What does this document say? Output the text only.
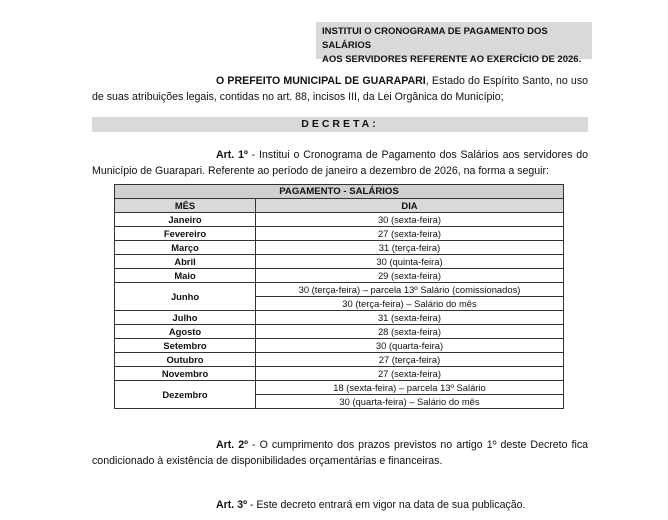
INSTITUI O CRONOGRAMA DE PAGAMENTO DOS SALÁRIOS
AOS SERVIDORES REFERENTE AO EXERCÍCIO DE 2026.
O PREFEITO MUNICIPAL DE GUARAPARI, Estado do Espírito Santo, no uso de suas atribuições legais, contidas no art. 88, incisos III, da Lei Orgânica do Município;
DECRETA:
Art. 1º - Institui o Cronograma de Pagamento dos Salários aos servidores do Município de Guarapari. Referente ao período de janeiro a dezembro de 2026, na forma a seguir:
PAGAMENTO - SALÁRIOS	
MÊS	DIA
Janeiro	30 (sexta-feira)
Fevereiro	27 (sexta-feira)
Março	31 (terça-feira)
Abril	30 (quinta-feira)
Maio	29 (sexta-feira)
Junho	30 (terça-feira) – parcela 13º Salário (comissionados)
	30 (terça-feira) – Salário do mês
Julho	31 (sexta-feira)
Agosto	28 (sexta-feira)
Setembro	30 (quarta-feira)
Outubro	27 (terça-feira)
Novembro	27 (sexta-feira)
Dezembro	18 (sexta-feira) – parcela 13º Salário
	30 (quarta-feira) – Salário do mês
Art. 2º - O cumprimento dos prazos previstos no artigo 1º deste Decreto fica condicionado à existência de disponibilidades orçamentárias e financeiras.
Art. 3º - Este decreto entrará em vigor na data de sua publicação.
